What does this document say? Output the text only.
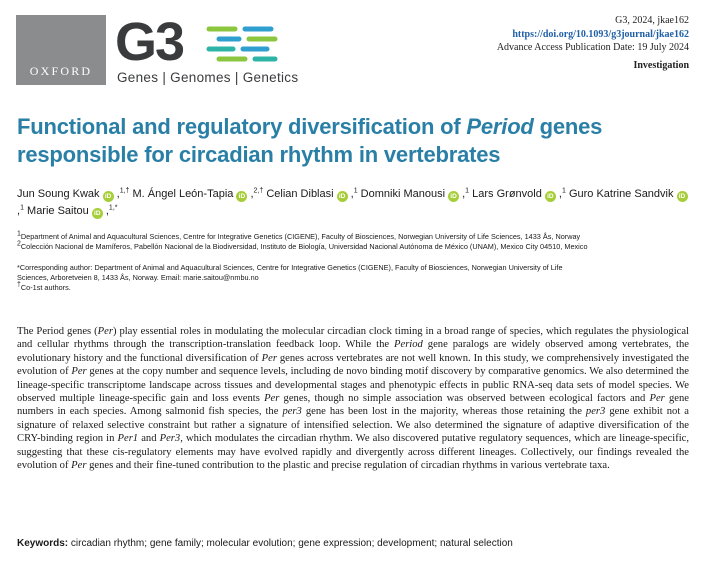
OXFORD G3
Genes | Genomes | Genetics
G3, 2024, jkae162
https://doi.org/10.1093/g3journal/jkae162
Advance Access Publication Date: 19 July 2024
Investigation
Functional and regulatory diversification of Period genes responsible for circadian rhythm in vertebrates
Jun Soung Kwak iD ,$^{1,\dagger}$ M. Ángel León-Tapia iD ,$^{2,\dagger}$ Celian Diblasi iD ,$^1$ Domniki Manousi iD ,$^1$ Lars Grønvold iD ,$^1$ Guro Katrine Sandvik iD ,$^1$ Marie Saitou iD ,$^{1,*}$
$^1$Department of Animal and Aquacultural Sciences, Centre for Integrative Genetics (CIGENE), Faculty of Biosciences, Norwegian University of Life Sciences, 1433 Ås, Norway
$^2$Colección Nacional de Mamíferos, Pabellón Nacional de la Biodiversidad, Instituto de Biología, Universidad Nacional Autónoma de México (UNAM), Mexico City 04510, Mexico
*Corresponding author: Department of Animal and Aquacultural Sciences, Centre for Integrative Genetics (CIGENE), Faculty of Biosciences, Norwegian University of Life
Sciences, Arboretveien 8, 1433 Ås, Norway. Email: marie.saitou@nmbu.no
†Co-1st authors.
The Period genes (Per) play essential roles in modulating the molecular circadian clock timing in a broad range of species, which regulates the physiological and cellular rhythms through the transcription-translation feedback loop. While the Period gene paralogs are widely observed among vertebrates, the evolutionary history and the functional diversification of Per genes across vertebrates are not well known. In this study, we comprehensively investigated the evolution of Per genes at the copy number and sequence levels, including de novo binding motif discovery by comparative genomics. We also determined the lineage-specific transcriptome landscape across tissues and developmental stages and phenotypic effects in public RNA-seq data sets of model species. We observed multiple lineage-specific gain and loss events Per genes, though no simple association was observed between ecological factors and Per gene numbers in each species. Among salmonid fish species, the per3 gene has been lost in the majority, whereas those retaining the per3 gene exhibit not a signature of relaxed selective constraint but rather a signature of intensified selection. We also determined the signature of adaptive diversification of the CRY-binding region in Per1 and Per3, which modulates the circadian rhythm. We also discovered putative regulatory sequences, which are lineage-specific, suggesting that these cis-regulatory elements may have evolved rapidly and divergently across different lineages. Collectively, our findings revealed the evolution of Per genes and their fine-tuned contribution to the plastic and precise regulation of circadian rhythms in various vertebrate taxa.
Keywords: circadian rhythm; gene family; molecular evolution; gene expression; development; natural selection
